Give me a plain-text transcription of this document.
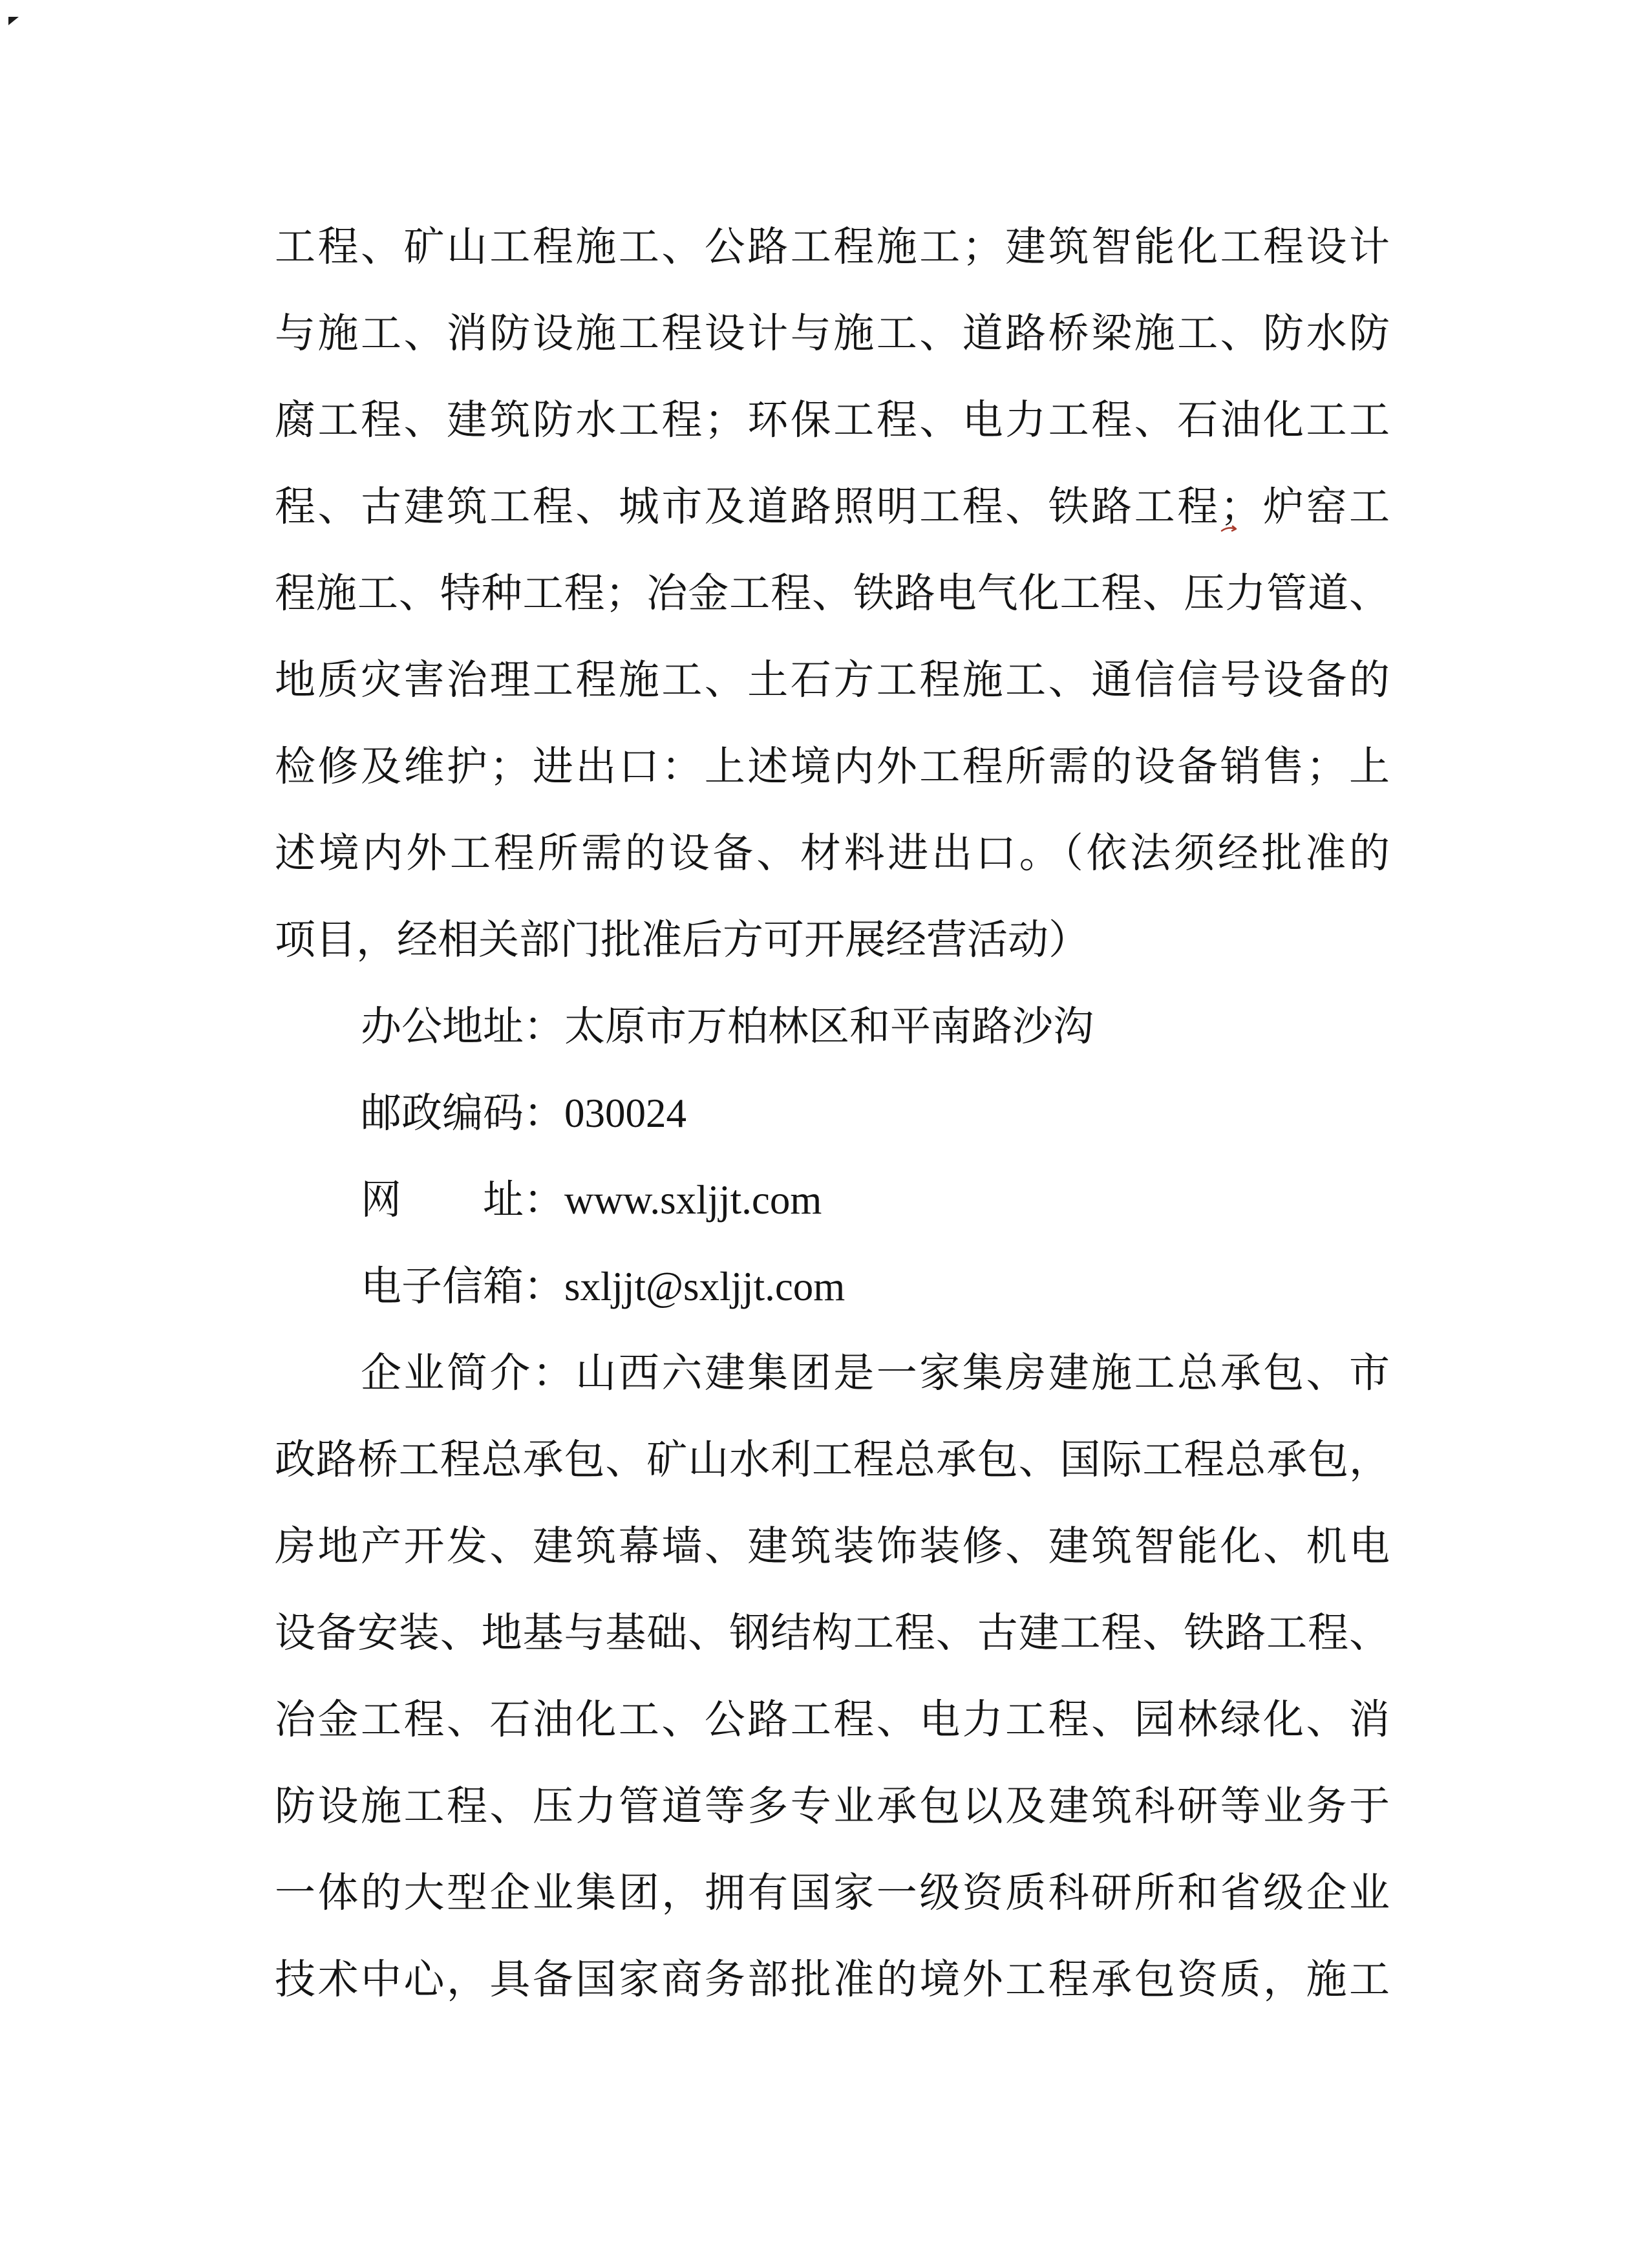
工程、矿山工程施工、公路工程施工；建筑智能化工程设计
与施工、消防设施工程设计与施工、道路桥梁施工、防水防
腐工程、建筑防水工程；环保工程、电力工程、石油化工工
程、古建筑工程、城市及道路照明工程、铁路工程；炉窑工
程施工、特种工程；冶金工程、铁路电气化工程、压力管道、
地质灾害治理工程施工、土石方工程施工、通信信号设备的
检修及维护；进出口：上述境内外工程所需的设备销售；上
述境内外工程所需的设备、材料进出口。（依法须经批准的
项目，经相关部门批准后方可开展经营活动）
办公地址：太原市万柏林区和平南路沙沟
邮政编码：030024
网　　址：www.sxljjt.com
电子信箱：sxljjt@sxljjt.com
企业简介：山西六建集团是一家集房建施工总承包、市
政路桥工程总承包、矿山水利工程总承包、国际工程总承包，
房地产开发、建筑幕墙、建筑装饰装修、建筑智能化、机电
设备安装、地基与基础、钢结构工程、古建工程、铁路工程、
冶金工程、石油化工、公路工程、电力工程、园林绿化、消
防设施工程、压力管道等多专业承包以及建筑科研等业务于
一体的大型企业集团，拥有国家一级资质科研所和省级企业
技术中心，具备国家商务部批准的境外工程承包资质，施工
